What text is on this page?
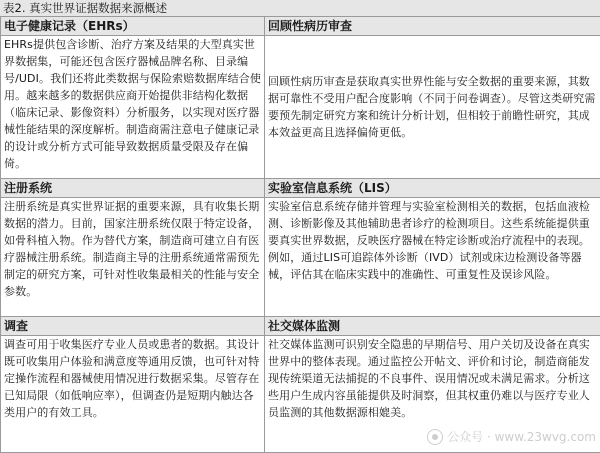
表2. 真实世界证据数据来源概述
电子健康记录（EHRs）	回顾性病历审查
EHRs提供包含诊断、治疗方案及结果的大型真实世界数据集，可能还包含医疗器械品牌名称、目录编号/UDI。我们还将此类数据与保险索赔数据库结合使用。越来越多的数据供应商开始提供非结构化数据（临床记录、影像资料）分析服务，以实现对医疗器械性能结果的深度解析。制造商需注意电子健康记录的设计或分析方式可能导致数据质量受限及存在偏倚。	回顾性病历审查是获取真实世界性能与安全数据的重要来源，其数据可靠性不受用户配合度影响（不同于问卷调查）。尽管这类研究需要预先制定研究方案和统计分析计划，但相较于前瞻性研究，其成本效益更高且选择偏倚更低。
注册系统	实验室信息系统（LIS）
注册系统是真实世界证据的重要来源，具有收集长期数据的潜力。目前，国家注册系统仅限于特定设备，如骨科植入物。作为替代方案，制造商可建立自有医疗器械注册系统。制造商主导的注册系统通常需预先制定的研究方案，可针对性收集最相关的性能与安全参数。	实验室信息系统存储并管理与实验室检测相关的数据，包括血液检测、诊断影像及其他辅助患者诊疗的检测项目。这些系统能提供重要真实世界数据，反映医疗器械在特定诊断或治疗流程中的表现。例如，通过LIS可追踪体外诊断（IVD）试剂或床边检测设备等器械，评估其在临床实践中的准确性、可重复性及误诊风险。
调查	社交媒体监测
调查可用于收集医疗专业人员或患者的数据。其设计既可收集用户体验和满意度等通用反馈，也可针对特定操作流程和器械使用情况进行数据采集。尽管存在已知局限（如低响应率），但调查仍是短期内触达各类用户的有效工具。	社交媒体监测可识别安全隐患的早期信号、用户关切及设备在真实世界中的整体表现。通过监控公开帖文、评价和讨论，制造商能发现传统渠道无法捕捉的不良事件、误用情况或未满足需求。分析这些用户生成内容虽能提供及时洞察，但其权重仍难以与医疗专业人员监测的其他数据源相媲美。
公众号 · www.23wvg.com
